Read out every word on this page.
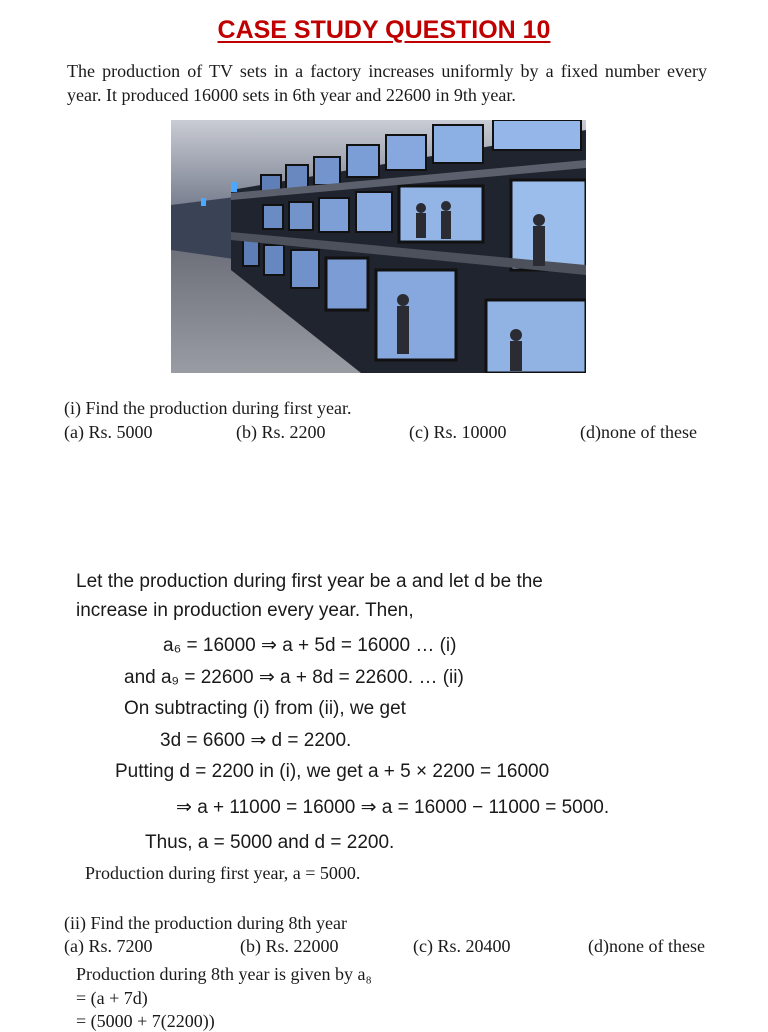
CASE STUDY QUESTION 10
The production of TV sets in a factory increases uniformly by a fixed number every year. It produced 16000 sets in 6th year and 22600 in 9th year.
(i) Find the production during first year.
(a) Rs. 5000	(b) Rs. 2200	(c) Rs. 10000	(d)none of these
Let the production during first year be a and let d be the
increase in production every year. Then,
a₆ = 16000 ⇒ a + 5d = 16000 … (i)
and a₉ = 22600 ⇒ a + 8d = 22600. … (ii)
On subtracting (i) from (ii), we get
3d = 6600 ⇒ d = 2200.
Putting d = 2200 in (i), we get a + 5 × 2200 = 16000
⇒ a + 11000 = 16000 ⇒ a = 16000 − 11000 = 5000.
Thus, a = 5000 and d = 2200.
Production during first year, a = 5000.
(ii) Find the production during 8th year
(a) Rs. 7200	(b) Rs. 22000	(c) Rs. 20400	(d)none of these
Production during 8th year is given by a₈
= (a + 7d)
= (5000 + 7(2200))
